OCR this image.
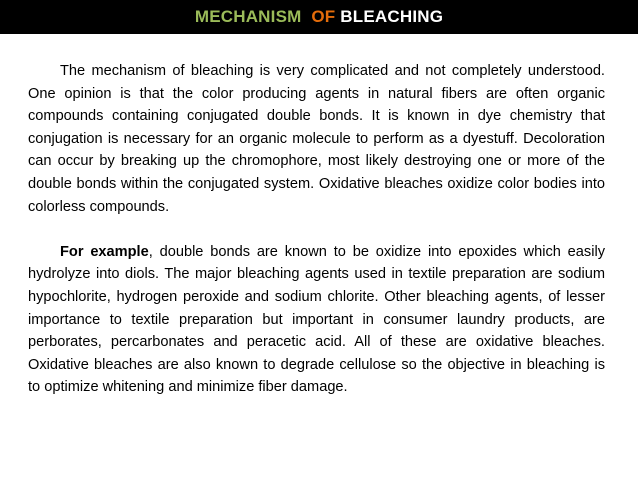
MECHANISM
OF
BLEACHING

The mechanism of bleaching is very complicated and not completely understood. One opinion is that the color producing agents in natural fibers are often organic compounds containing conjugated double bonds. It is known in dye chemistry that conjugation is necessary for an organic molecule to perform as a dyestuff. Decoloration can occur by breaking up the chromophore, most likely destroying one or more of the double bonds within the conjugated system. Oxidative bleaches oxidize color bodies into colorless compounds.

For example, double bonds are known to be oxidize into epoxides which easily hydrolyze into diols. The major bleaching agents used in textile preparation are sodium hypochlorite, hydrogen peroxide and sodium chlorite. Other bleaching agents, of lesser importance to textile preparation but important in consumer laundry products, are perborates, percarbonates and peracetic acid. All of these are oxidative bleaches. Oxidative bleaches are also known to degrade cellulose so the objective in bleaching is to optimize whitening and minimize fiber damage.
